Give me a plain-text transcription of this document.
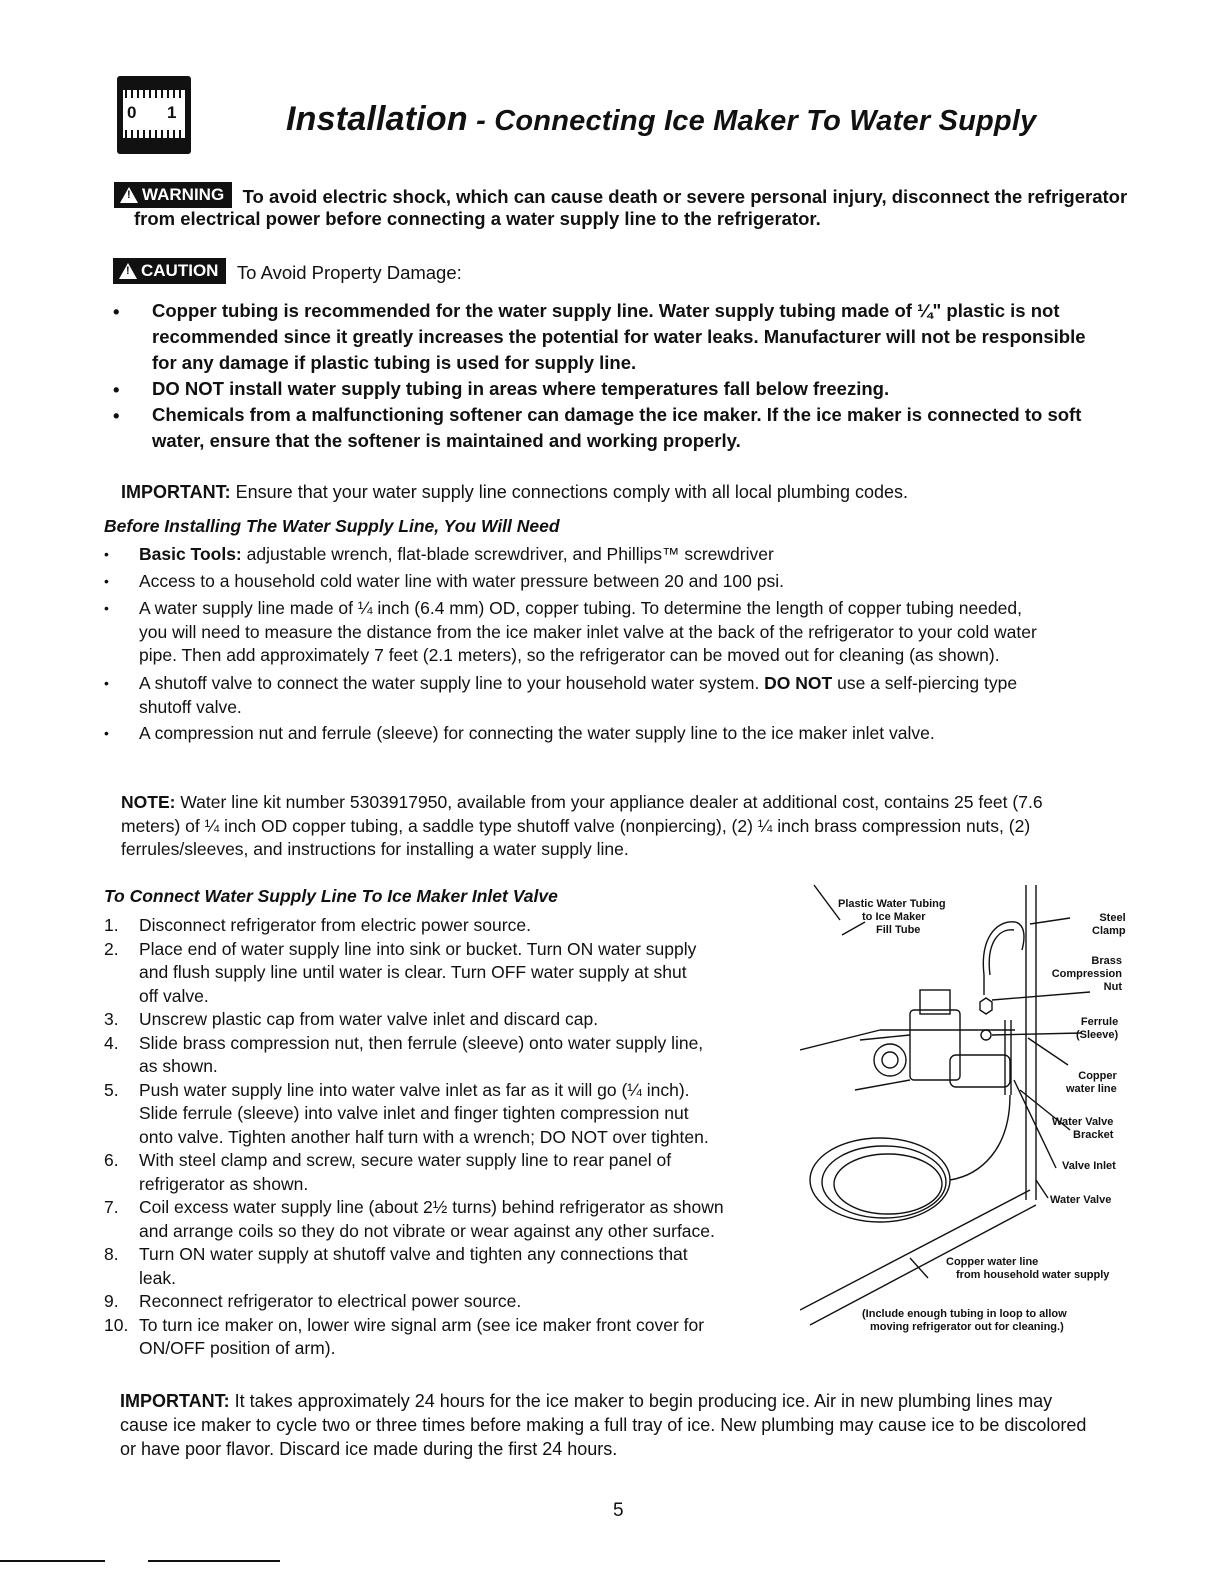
0 1	Installation - Connecting Ice Maker To Water Supply
!
WARNING To avoid electric shock, which can cause death or severe personal injury, disconnect the refrigerator
from electrical power before connecting a water supply line to the refrigerator.
!
CAUTION To Avoid Property Damage:
• Copper tubing is recommended for the water supply line. Water supply tubing made of ¼" plastic is not
recommended since it greatly increases the potential for water leaks. Manufacturer will not be responsible
for any damage if plastic tubing is used for supply line.
• DO NOT install water supply tubing in areas where temperatures fall below freezing.
• Chemicals from a malfunctioning softener can damage the ice maker. If the ice maker is connected to soft
water, ensure that the softener is maintained and working properly.
IMPORTANT: Ensure that your water supply line connections comply with all local plumbing codes.
Before Installing The Water Supply Line, You Will Need
• Basic Tools: adjustable wrench, flat-blade screwdriver, and Phillips™ screwdriver
• Access to a household cold water line with water pressure between 20 and 100 psi.
• A water supply line made of ¼ inch (6.4 mm) OD, copper tubing. To determine the length of copper tubing needed,
you will need to measure the distance from the ice maker inlet valve at the back of the refrigerator to your cold water
pipe. Then add approximately 7 feet (2.1 meters), so the refrigerator can be moved out for cleaning (as shown).
• A shutoff valve to connect the water supply line to your household water system. DO NOT use a self-piercing type
shutoff valve.
• A compression nut and ferrule (sleeve) for connecting the water supply line to the ice maker inlet valve.
NOTE: Water line kit number 5303917950, available from your appliance dealer at additional cost, contains 25 feet (7.6
meters) of ¼ inch OD copper tubing, a saddle type shutoff valve (nonpiercing), (2) ¼ inch brass compression nuts, (2)
ferrules/sleeves, and instructions for installing a water supply line.
To Connect Water Supply Line To Ice Maker Inlet Valve
1. Disconnect refrigerator from electric power source.
2. Place end of water supply line into sink or bucket. Turn ON water supply
and flush supply line until water is clear. Turn OFF water supply at shut
off valve.
3. Unscrew plastic cap from water valve inlet and discard cap.
4. Slide brass compression nut, then ferrule (sleeve) onto water supply line,
as shown.
5. Push water supply line into water valve inlet as far as it will go (¼ inch).
Slide ferrule (sleeve) into valve inlet and finger tighten compression nut
onto valve. Tighten another half turn with a wrench; DO NOT over tighten.
6. With steel clamp and screw, secure water supply line to rear panel of
refrigerator as shown.
7. Coil excess water supply line (about 2½ turns) behind refrigerator as shown
and arrange coils so they do not vibrate or wear against any other surface.
8. Turn ON water supply at shutoff valve and tighten any connections that
leak.
9. Reconnect refrigerator to electrical power source.
10. To turn ice maker on, lower wire signal arm (see ice maker front cover for
ON/OFF position of arm).
Plastic Water Tubing
to Ice Maker
Fill Tube
Steel
Clamp
Brass
Compression
Nut
Ferrule
(Sleeve)
Copper
water line
Water Valve
Bracket
Valve Inlet
Water Valve
Copper water line
from household water supply
(Include enough tubing in loop to allow
moving refrigerator out for cleaning.)
IMPORTANT: It takes approximately 24 hours for the ice maker to begin producing ice. Air in new plumbing lines may
cause ice maker to cycle two or three times before making a full tray of ice. New plumbing may cause ice to be discolored
or have poor flavor. Discard ice made during the first 24 hours.
5
